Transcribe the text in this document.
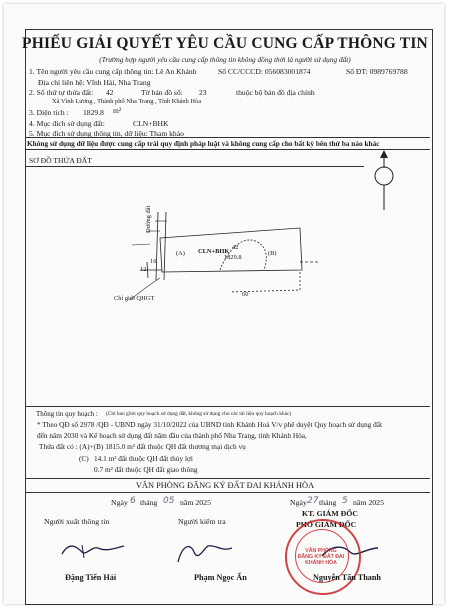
PHIẾU GIẢI QUYẾT YÊU CẦU CUNG CẤP THÔNG TIN
(Trường hợp người yêu cầu cung cấp thông tin không đồng thời là người sử dụng đất)
1. Tên người yêu cầu cung cấp thông tin: Lê An Khánh	Số CC/CCCD: 056083001874	Số ĐT: 0989769788
Địa chỉ liên hệ: Vĩnh Hải, Nha Trang
2. Số thứ tự thửa đất: 42	Tờ bản đồ số: 23	thuộc bộ bản đồ địa chính
Xã Vĩnh Lương , Thành phố Nha Trang , Tỉnh Khánh Hòa
3. Diện tích : 1829.8 m²
4. Mục đích sử dụng đất:	CLN+BHK
5. Mục đích sử dụng thông tin, dữ liệu: Tham khảo
Không sử dụng dữ liệu được cung cấp trái quy định pháp luật và không cung cấp cho bất kỳ bên thứ ba nào khác
SƠ ĐỒ THỬA ĐẤT
Đường đất
(A) CLN+BHK
42
1829.8
(B)
16
12
60
Chỉ giới QHGT
Thông tin quy hoạch : (Chỉ bao gồm quy hoạch sử dụng đất, không sử dụng cho các tài liệu quy hoạch khác)
* Theo QĐ số 2978 /QĐ - UBND ngày 31/10/2022 của UBND tỉnh Khánh Hoà V/v phê duyệt Quy hoạch sử dụng đất
đến năm 2030 và Kế hoạch sử dụng đất năm đầu của thành phố Nha Trang, tỉnh Khánh Hòa,
Thửa đất có : (A)+(B) 1815.0 m² đất thuộc QH đất thương mại dịch vụ
(C) 14.1 m² đất thuộc QH đất thủy lợi
0.7 m² đất thuộc QH đất giao thông
VĂN PHÒNG ĐĂNG KÝ ĐẤT ĐAI KHÁNH HÒA
Ngày 6 tháng 05 năm 2025	Ngày 27 tháng 5 năm 2025
Người xuất thông tin	Người kiểm tra
KT. GIÁM ĐỐC
PHÓ GIÁM ĐỐC
VĂN PHÒNG
ĐĂNG KÝ ĐẤT ĐAI
KHÁNH HÒA
Đặng Tiến Hải	Phạm Ngọc Ẩn	Nguyễn Tấn Thanh
